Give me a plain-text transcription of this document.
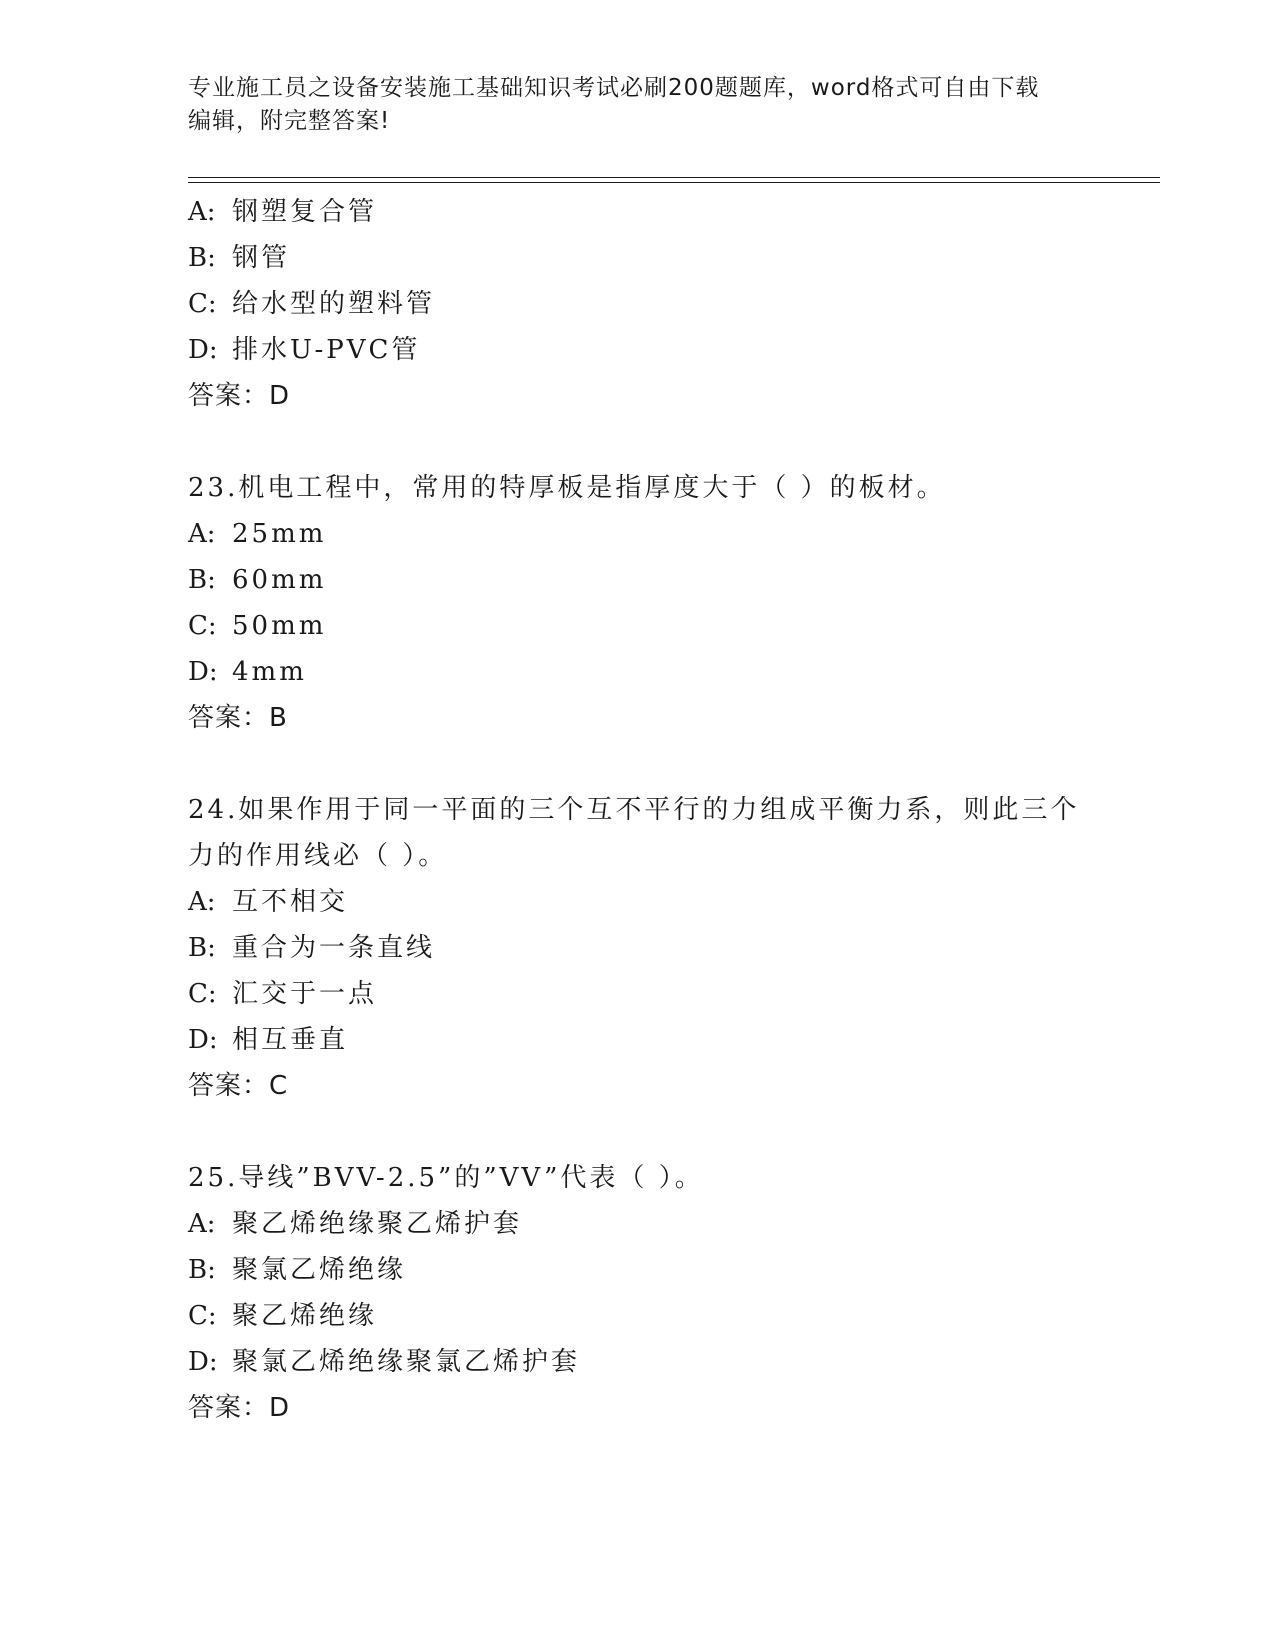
专业施工员之设备安装施工基础知识考试必刷200题题库，word格式可自由下载
编辑，附完整答案!
A: 钢塑复合管
B: 钢管
C: 给水型的塑料管
D: 排水U-PVC管
答案：D
23.机电工程中，常用的特厚板是指厚度大于（ ）的板材。
A: 25mm
B: 60mm
C: 50mm
D: 4mm
答案：B
24.如果作用于同一平面的三个互不平行的力组成平衡力系，则此三个
力的作用线必（ ）。
A: 互不相交
B: 重合为一条直线
C: 汇交于一点
D: 相互垂直
答案：C
25.导线”BVV-2.5”的”VV”代表（ ）。
A: 聚乙烯绝缘聚乙烯护套
B: 聚氯乙烯绝缘
C: 聚乙烯绝缘
D: 聚氯乙烯绝缘聚氯乙烯护套
答案：D
